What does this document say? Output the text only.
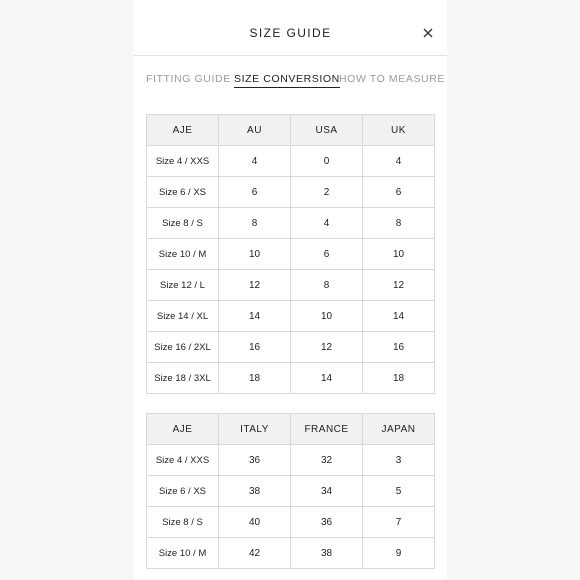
SIZE GUIDE
FITTING GUIDE SIZE CONVERSION HOW TO MEASURE
AJE	AU	USA	UK
Size 4 / XXS	4	0	4
Size 6 / XS	6	2	6
Size 8 / S	8	4	8
Size 10 / M	10	6	10
Size 12 / L	12	8	12
Size 14 / XL	14	10	14
Size 16 / 2XL	16	12	16
Size 18 / 3XL	18	14	18
AJE	ITALY	FRANCE	JAPAN
Size 4 / XXS	36	32	3
Size 6 / XS	38	34	5
Size 8 / S	40	36	7
Size 10 / M	42	38	9
